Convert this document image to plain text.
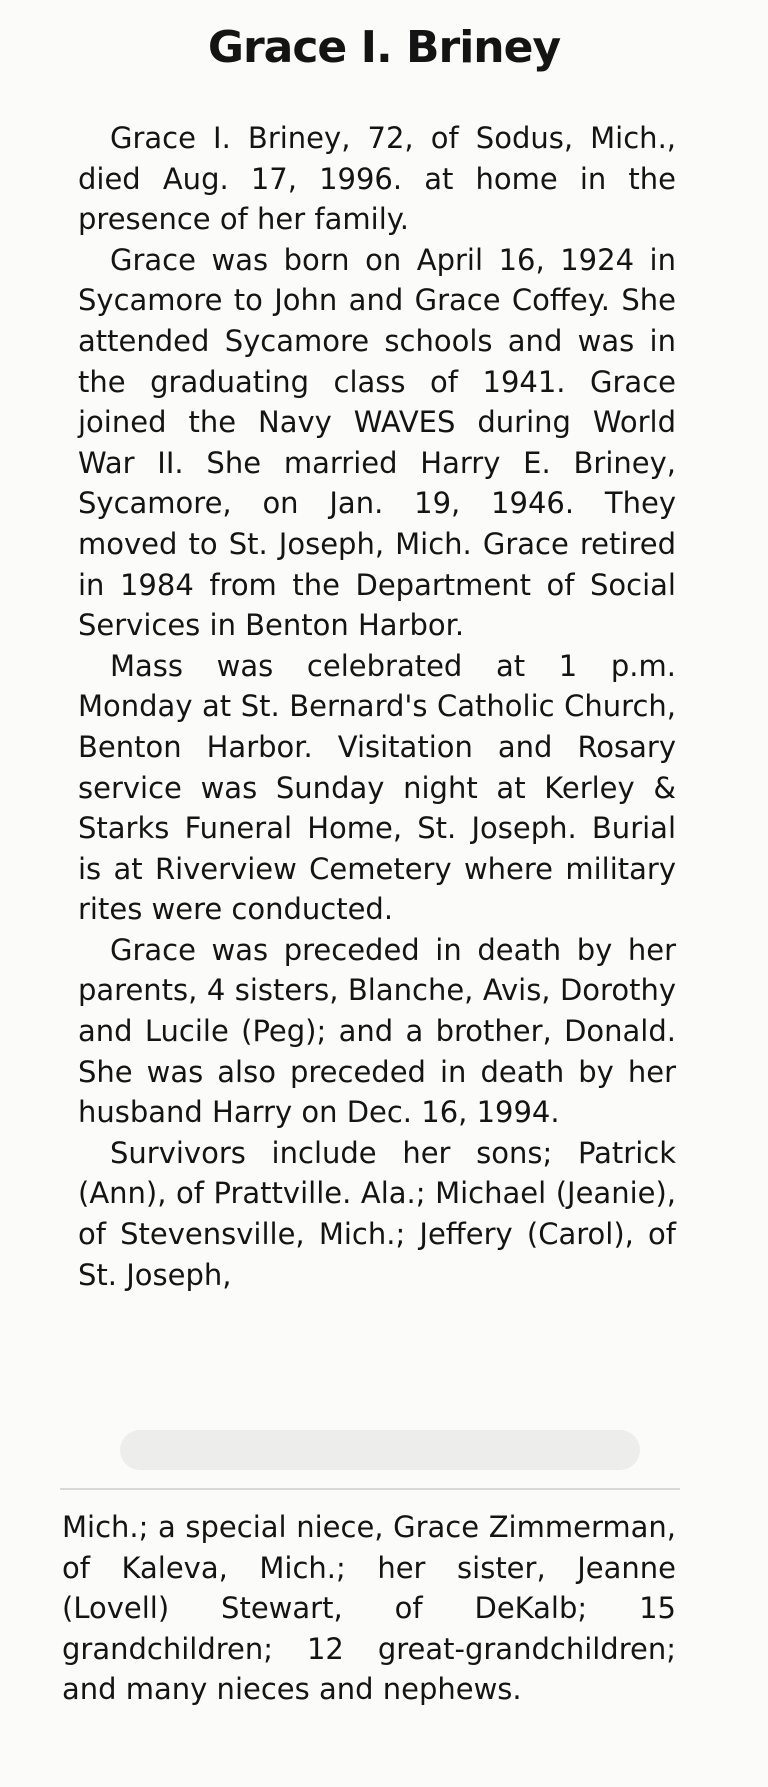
Grace I. Briney

Grace I. Briney, 72, of Sodus, Mich., died Aug. 17, 1996. at home in the presence of her family.

Grace was born on April 16, 1924 in Sycamore to John and Grace Coffey. She attended Sycamore schools and was in the graduating class of 1941. Grace joined the Navy WAVES during World War II. She married Harry E. Briney, Sycamore, on Jan. 19, 1946. They moved to St. Joseph, Mich. Grace retired in 1984 from the Department of Social Services in Benton Harbor.

Mass was celebrated at 1 p.m. Monday at St. Bernard's Catholic Church, Benton Harbor. Visitation and Rosary service was Sunday night at Kerley & Starks Funeral Home, St. Joseph. Burial is at Riverview Cemetery where military rites were conducted.

Grace was preceded in death by her parents, 4 sisters, Blanche, Avis, Dorothy and Lucile (Peg); and a brother, Donald. She was also preceded in death by her husband Harry on Dec. 16, 1994.

Survivors include her sons; Patrick (Ann), of Prattville. Ala.; Michael (Jeanie), of Stevensville, Mich.; Jeffery (Carol), of St. Joseph,

Mich.; a special niece, Grace Zimmerman, of Kaleva, Mich.; her sister, Jeanne (Lovell) Stewart, of DeKalb; 15 grandchildren; 12 great-grandchildren; and many nieces and nephews.
